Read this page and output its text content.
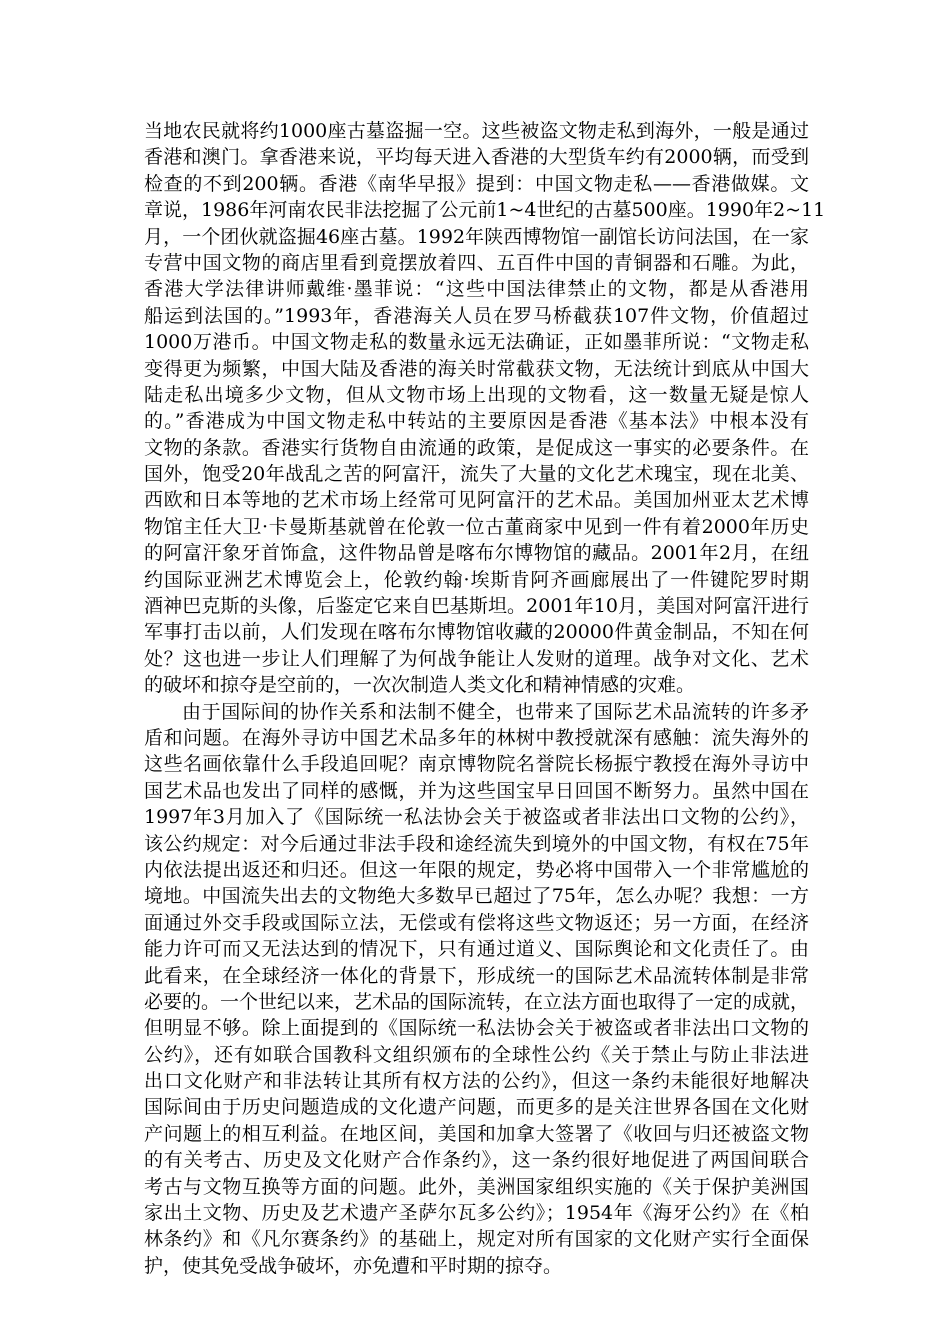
当地农民就将约1000座古墓盗掘一空。这些被盗文物走私到海外，一般是通过
香港和澳门。拿香港来说，平均每天进入香港的大型货车约有2000辆，而受到
检查的不到200辆。香港《南华早报》提到：中国文物走私——香港做媒。文
章说，1986年河南农民非法挖掘了公元前1~4世纪的古墓500座。1990年2~11
月，一个团伙就盗掘46座古墓。1992年陕西博物馆一副馆长访问法国，在一家
专营中国文物的商店里看到竟摆放着四、五百件中国的青铜器和石雕。为此，
香港大学法律讲师戴维·墨菲说：“这些中国法律禁止的文物，都是从香港用
船运到法国的。”1993年，香港海关人员在罗马桥截获107件文物，价值超过
1000万港币。中国文物走私的数量永远无法确证，正如墨菲所说：“文物走私
变得更为频繁，中国大陆及香港的海关时常截获文物，无法统计到底从中国大
陆走私出境多少文物，但从文物市场上出现的文物看，这一数量无疑是惊人
的。”香港成为中国文物走私中转站的主要原因是香港《基本法》中根本没有
文物的条款。香港实行货物自由流通的政策，是促成这一事实的必要条件。在
国外，饱受20年战乱之苦的阿富汗，流失了大量的文化艺术瑰宝，现在北美、
西欧和日本等地的艺术市场上经常可见阿富汗的艺术品。美国加州亚太艺术博
物馆主任大卫·卡曼斯基就曾在伦敦一位古董商家中见到一件有着2000年历史
的阿富汗象牙首饰盒，这件物品曾是喀布尔博物馆的藏品。2001年2月，在纽
约国际亚洲艺术博览会上，伦敦约翰·埃斯肯阿齐画廊展出了一件键陀罗时期
酒神巴克斯的头像，后鉴定它来自巴基斯坦。2001年10月，美国对阿富汗进行
军事打击以前，人们发现在喀布尔博物馆收藏的20000件黄金制品，不知在何
处？这也进一步让人们理解了为何战争能让人发财的道理。战争对文化、艺术
的破坏和掠夺是空前的，一次次制造人类文化和精神情感的灾难。
由于国际间的协作关系和法制不健全，也带来了国际艺术品流转的许多矛
盾和问题。在海外寻访中国艺术品多年的林树中教授就深有感触：流失海外的
这些名画依靠什么手段追回呢？南京博物院名誉院长杨振宁教授在海外寻访中
国艺术品也发出了同样的感慨，并为这些国宝早日回国不断努力。虽然中国在
1997年3月加入了《国际统一私法协会关于被盗或者非法出口文物的公约》，
该公约规定：对今后通过非法手段和途经流失到境外的中国文物，有权在75年
内依法提出返还和归还。但这一年限的规定，势必将中国带入一个非常尴尬的
境地。中国流失出去的文物绝大多数早已超过了75年，怎么办呢？我想：一方
面通过外交手段或国际立法，无偿或有偿将这些文物返还；另一方面，在经济
能力许可而又无法达到的情况下，只有通过道义、国际舆论和文化责任了。由
此看来，在全球经济一体化的背景下，形成统一的国际艺术品流转体制是非常
必要的。一个世纪以来，艺术品的国际流转，在立法方面也取得了一定的成就，
但明显不够。除上面提到的《国际统一私法协会关于被盗或者非法出口文物的
公约》，还有如联合国教科文组织颁布的全球性公约《关于禁止与防止非法进
出口文化财产和非法转让其所有权方法的公约》，但这一条约未能很好地解决
国际间由于历史问题造成的文化遗产问题，而更多的是关注世界各国在文化财
产问题上的相互利益。在地区间，美国和加拿大签署了《收回与归还被盗文物
的有关考古、历史及文化财产合作条约》，这一条约很好地促进了两国间联合
考古与文物互换等方面的问题。此外，美洲国家组织实施的《关于保护美洲国
家出土文物、历史及艺术遗产圣萨尔瓦多公约》；1954年《海牙公约》在《柏
林条约》和《凡尔赛条约》的基础上，规定对所有国家的文化财产实行全面保
护，使其免受战争破坏，亦免遭和平时期的掠夺。
